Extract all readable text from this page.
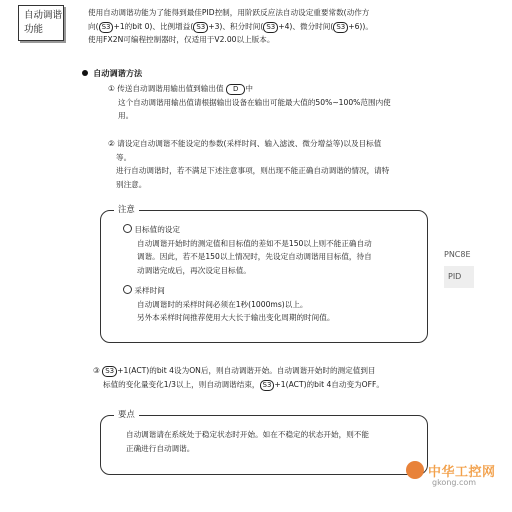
自动调谐
功能
使用自动调谐功能为了能得到最佳PID控制，用阶跃反应法自动设定重要常数(动作方
向( S3 +1的bit 0)、比例增益( S3 +3)、积分时间( S3 +4)、微分时间( S3 +6))。
使用FX2N可编程控制器时，仅适用于V2.00以上版本。
自动调谐方法
① 传送自动调谐用输出值到输出值 D 中
这个自动调谐用输出值请根据输出设备在输出可能最大值的50%~100%范围内使
用。
② 请设定自动调谐不能设定的参数(采样时间、输入滤波、微分增益等)以及目标值
等。
进行自动调谐时，若不满足下述注意事项，则出现不能正确自动调谐的情况，请特
别注意。
注意
目标值的设定
自动调谐开始时的测定值和目标值的差如不是150以上则不能正确自动
调谐。因此，若不是150以上情况时，先设定自动调谐用目标值，待自
动调谐完成后，再次设定目标值。
采样时间
自动调谐时的采样时间必须在1秒(1000ms)以上。
另外本采样时间推荐使用大大长于输出变化周期的时间值。
③ S3 +1(ACT)的bit 4设为ON后，则自动调谐开始。自动调谐开始时的测定值到目
标值的变化量变化1/3以上，则自动调谐结束， S3 +1(ACT)的bit 4自动变为OFF。
要点
自动调谐请在系统处于稳定状态时开始。如在不稳定的状态开始，则不能
正确进行自动调谐。
PNC8E
PID
中华工控网
gkong.com
